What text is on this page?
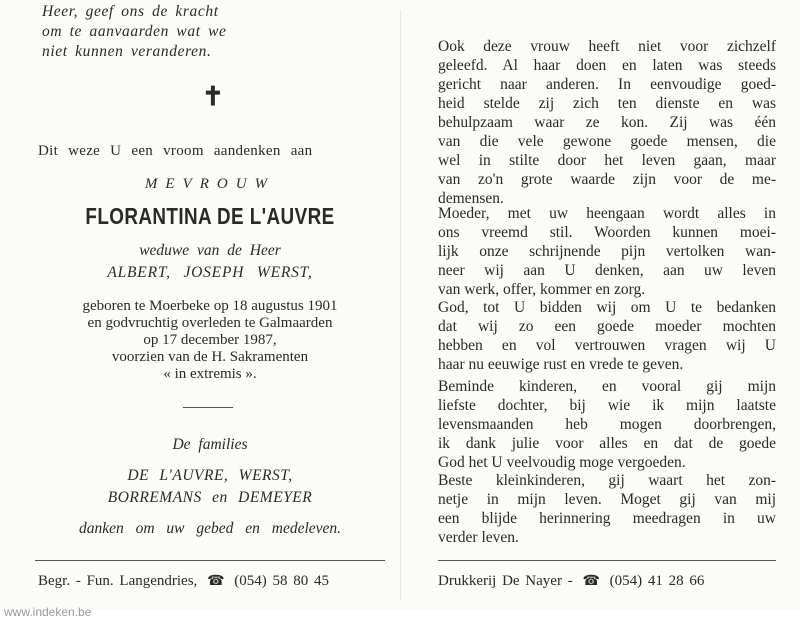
Heer, geef ons de kracht
om te aanvaarden wat we
niet kunnen veranderen.
✝
Dit weze U een vroom aandenken aan
MEVROUW
FLORANTINA DE L'AUVRE
weduwe van de Heer
ALBERT, JOSEPH WERST,
geboren te Moerbeke op 18 augustus 1901
en godvruchtig overleden te Galmaarden
op 17 december 1987,
voorzien van de H. Sakramenten
« in extremis ».
De families
DE L'AUVRE, WERST,
BORREMANS en DEMEYER
danken om uw gebed en medeleven.
Begr. - Fun. Langendries, ☎ (054) 58 80 45
Ook deze vrouw heeft niet voor zichzelf
geleefd. Al haar doen en laten was steeds
gericht naar anderen. In eenvoudige goed-
heid stelde zij zich ten dienste en was
behulpzaam waar ze kon. Zij was één
van die vele gewone goede mensen, die
wel in stilte door het leven gaan, maar
van zo'n grote waarde zijn voor de me-
demensen.
Moeder, met uw heengaan wordt alles in
ons vreemd stil. Woorden kunnen moei-
lijk onze schrijnende pijn vertolken wan-
neer wij aan U denken, aan uw leven
van werk, offer, kommer en zorg.
God, tot U bidden wij om U te bedanken
dat wij zo een goede moeder mochten
hebben en vol vertrouwen vragen wij U
haar nu eeuwige rust en vrede te geven.
Beminde kinderen, en vooral gij mijn
liefste dochter, bij wie ik mijn laatste
levensmaanden heb mogen doorbrengen,
ik dank julie voor alles en dat de goede
God het U veelvoudig moge vergoeden.
Beste kleinkinderen, gij waart het zon-
netje in mijn leven. Moget gij van mij
een blijde herinnering meedragen in uw
verder leven.
Drukkerij De Nayer - ☎ (054) 41 28 66
www.indeken.be
